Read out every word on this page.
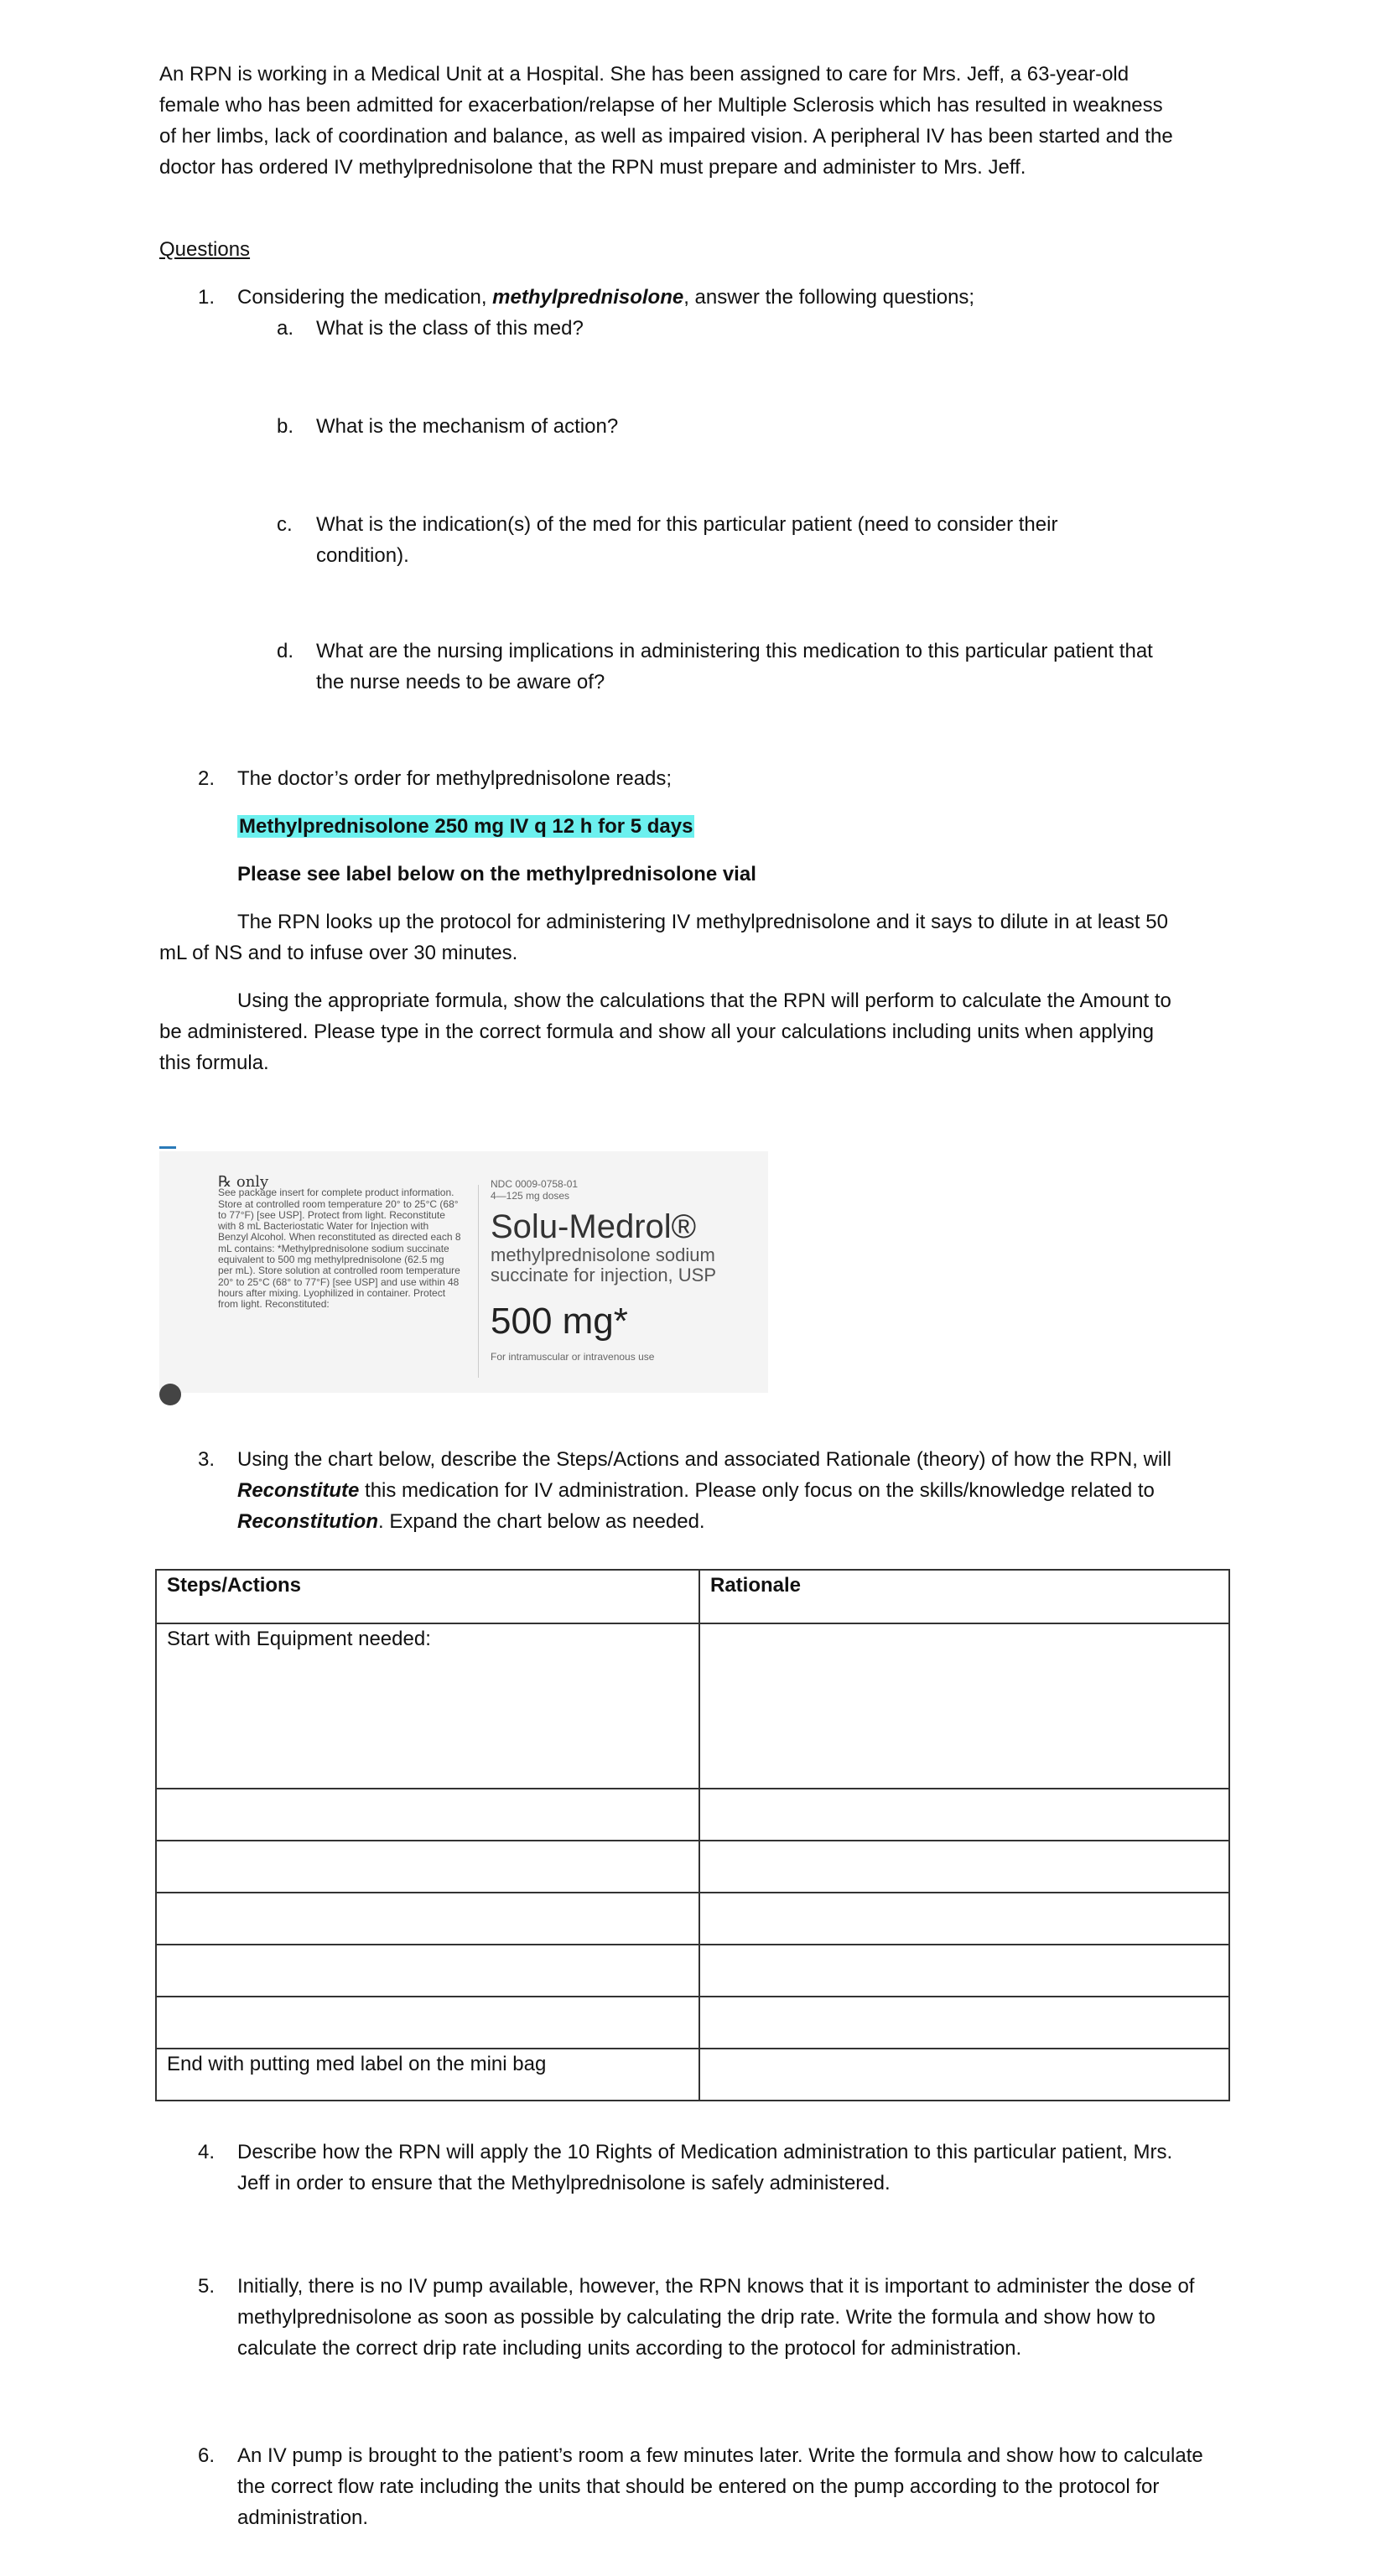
An RPN is working in a Medical Unit at a Hospital. She has been assigned to care for Mrs. Jeff, a 63-year-old female who has been admitted for exacerbation/relapse of her Multiple Sclerosis which has resulted in weakness of her limbs, lack of coordination and balance, as well as impaired vision. A peripheral IV has been started and the doctor has ordered IV methylprednisolone that the RPN must prepare and administer to Mrs. Jeff.
Questions
1. Considering the medication, methylprednisolone, answer the following questions;
a. What is the class of this med?
b. What is the mechanism of action?
c. What is the indication(s) of the med for this particular patient (need to consider their condition).
d. What are the nursing implications in administering this medication to this particular patient that the nurse needs to be aware of?
2. The doctor’s order for methylprednisolone reads;
Methylprednisolone 250 mg IV q 12 h for 5 days
Please see label below on the methylprednisolone vial
The RPN looks up the protocol for administering IV methylprednisolone and it says to dilute in at least 50 mL of NS and to infuse over 30 minutes.
Using the appropriate formula, show the calculations that the RPN will perform to calculate the Amount to be administered. Please type in the correct formula and show all your calculations including units when applying this formula.
℞ only
See package insert for complete product information. Store at controlled room temperature 20° to 25°C (68° to 77°F) [see USP]. Protect from light. Reconstitute with 8 mL Bacteriostatic Water for Injection with Benzyl Alcohol. When reconstituted as directed each 8 mL contains: *Methylprednisolone sodium succinate equivalent to 500 mg methylprednisolone (62.5 mg per mL). Store solution at controlled room temperature 20° to 25°C (68° to 77°F) [see USP] and use within 48 hours after mixing. Lyophilized in container. Protect from light. Reconstituted:
NDC 0009-0758-01
4—125 mg doses
Solu-Medrol®
methylprednisolone sodium succinate for injection, USP
500 mg*
For intramuscular or intravenous use
3. Using the chart below, describe the Steps/Actions and associated Rationale (theory) of how the RPN, will Reconstitute this medication for IV administration. Please only focus on the skills/knowledge related to Reconstitution. Expand the chart below as needed.
Steps/Actions	Rationale
Start with Equipment needed:	

End with putting med label on the mini bag	
4. Describe how the RPN will apply the 10 Rights of Medication administration to this particular patient, Mrs. Jeff in order to ensure that the Methylprednisolone is safely administered.
5. Initially, there is no IV pump available, however, the RPN knows that it is important to administer the dose of methylprednisolone as soon as possible by calculating the drip rate. Write the formula and show how to calculate the correct drip rate including units according to the protocol for administration.
6. An IV pump is brought to the patient’s room a few minutes later. Write the formula and show how to calculate the correct flow rate including the units that should be entered on the pump according to the protocol for administration.
